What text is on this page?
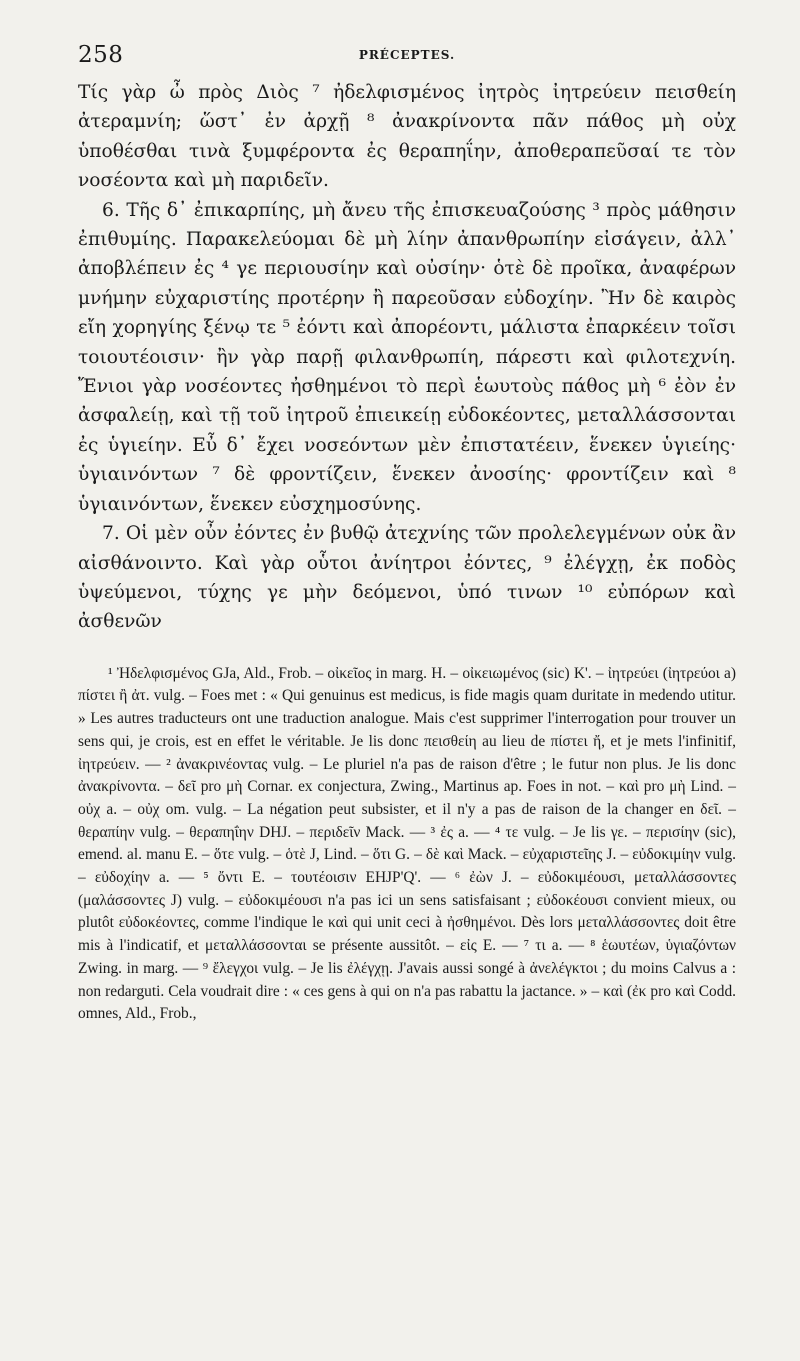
258	PRÉCEPTES.

Τίς γὰρ ὦ πρὸς Διὸς ⁷ ἠδελφισμένος ἰητρὸς ἰητρεύειν πεισθείη ἀτεραμνίη; ὥστ᾽ ἐν ἀρχῇ ⁸ ἀνακρίνοντα πᾶν πάθος μὴ οὐχ ὑποθέσθαι τινὰ ξυμφέροντα ἐς θεραπηΐην, ἀποθεραπεῦσαί τε τὸν νοσέοντα καὶ μὴ παριδεῖν.

6. Τῆς δ᾽ ἐπικαρπίης, μὴ ἄνευ τῆς ἐπισκευαζούσης ³ πρὸς μάθησιν ἐπιθυμίης. Παρακελεύομαι δὲ μὴ λίην ἀπανθρωπίην εἰσάγειν, ἀλλ᾽ ἀποβλέπειν ἐς ⁴ γε περιουσίην καὶ οὐσίην· ὁτὲ δὲ προῖκα, ἀναφέρων μνήμην εὐχαριστίης προτέρην ἢ παρεοῦσαν εὐδοχίην. Ἢν δὲ καιρὸς εἴη χορηγίης ξένῳ τε ⁵ ἐόντι καὶ ἀπορέοντι, μάλιστα ἐπαρκέειν τοῖσι τοιουτέοισιν· ἢν γὰρ παρῇ φιλανθρωπίη, πάρεστι καὶ φιλοτεχνίη. Ἔνιοι γὰρ νοσέοντες ἠσθημένοι τὸ περὶ ἑωυτοὺς πάθος μὴ ⁶ ἐὸν ἐν ἀσφαλείῃ, καὶ τῇ τοῦ ἰητροῦ ἐπιεικείῃ εὐδοκέοντες, μεταλλάσσονται ἐς ὑγιείην. Εὖ δ᾽ ἔχει νοσεόντων μὲν ἐπιστατέειν, ἕνεκεν ὑγιείης· ὑγιαινόντων ⁷ δὲ φροντίζειν, ἕνεκεν ἀνοσίης· φροντίζειν καὶ ⁸ ὑγιαινόντων, ἕνεκεν εὐσχημοσύνης.

7. Οἱ μὲν οὖν ἐόντες ἐν βυθῷ ἀτεχνίης τῶν προλελεγμένων οὐκ ἂν αἰσθάνοιντο. Καὶ γὰρ οὗτοι ἀνίητροι ἐόντες, ⁹ ἐλέγχῃ, ἐκ ποδὸς ὑψεύμενοι, τύχης γε μὴν δεόμενοι, ὑπό τινων ¹⁰ εὐπόρων καὶ ἀσθενῶν

¹ Ἠδελφισμένος GJa, Ald., Frob. – οἰκεῖος in marg. H. – οἰκειωμένος (sic) K'. – ἰητρεύει (ἰητρεύοι a) πίστει ἢ ἀτ. vulg. – Foes met : « Qui genuinus est medicus, is fide magis quam duritate in medendo utitur. » Les autres traducteurs ont une traduction analogue. Mais c'est supprimer l'interrogation pour trouver un sens qui, je crois, est en effet le véritable. Je lis donc πεισθείη au lieu de πίστει ἤ, et je mets l'infinitif, ἰητρεύειν. — ² ἀνακρινέοντας vulg. – Le pluriel n'a pas de raison d'être ; le futur non plus. Je lis donc ἀνακρίνοντα. – δεῖ pro μὴ Cornar. ex conjectura, Zwing., Martinus ap. Foes in not. – καὶ pro μὴ Lind. – οὐχ a. – οὐχ om. vulg. – La négation peut subsister, et il n'y a pas de raison de la changer en δεῖ. – θεραπίην vulg. – θεραπηΐην DHJ. – περιδεῖν Mack. — ³ ἐς a. — ⁴ τε vulg. – Je lis γε. – περισίην (sic), emend. al. manu E. – ὅτε vulg. – ὁτὲ J, Lind. – ὅτι G. – δὲ καὶ Mack. – εὐχαριστεῖης J. – εὐδοκιμίην vulg. – εὐδοχίην a. — ⁵ ὄντι E. – τουτέοισιν EHJP'Q'. — ⁶ ἐὼν J. – εὐδοκιμέουσι, μεταλλάσσοντες (μαλάσσοντες J) vulg. – εὐδοκιμέουσι n'a pas ici un sens satisfaisant ; εὐδοκέουσι convient mieux, ou plutôt εὐδοκέοντες, comme l'indique le καὶ qui unit ceci à ἠσθημένοι. Dès lors μεταλλάσσοντες doit être mis à l'indicatif, et μεταλλάσσονται se présente aussitôt. – εἰς E. — ⁷ τι a. — ⁸ ἑωυτέων, ὑγιαζόντων Zwing. in marg. — ⁹ ἔλεγχοι vulg. – Je lis ἐλέγχῃ. J'avais aussi songé à ἀνελέγκτοι ; du moins Calvus a : non redarguti. Cela voudrait dire : « ces gens à qui on n'a pas rabattu la jactance. » – καὶ (ἐκ pro καὶ Codd. omnes, Ald., Frob.,
